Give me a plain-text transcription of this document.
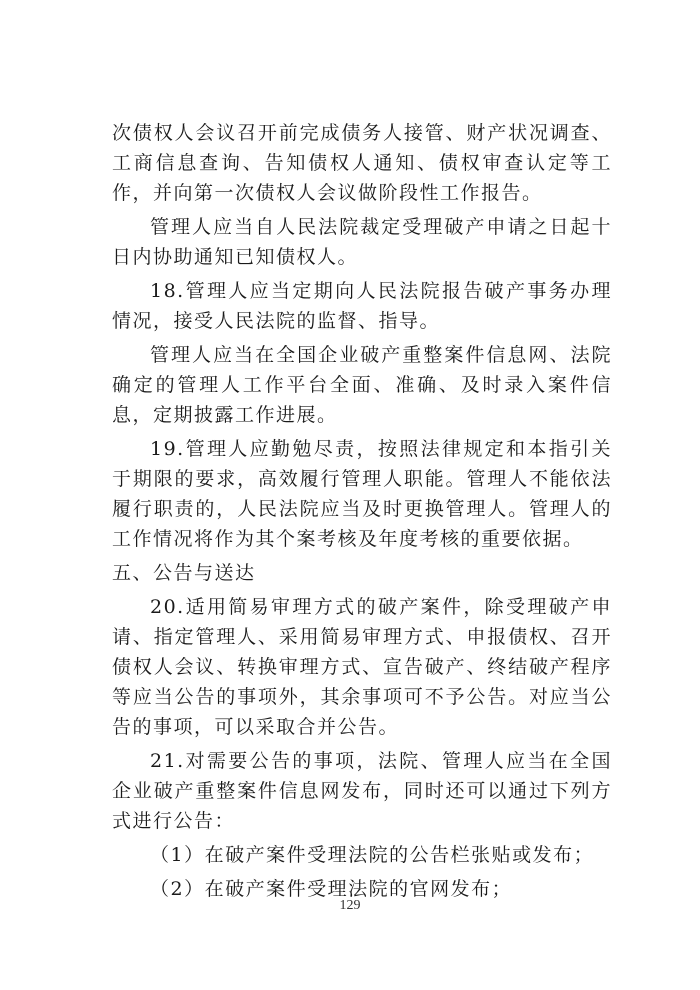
次债权人会议召开前完成债务人接管、财产状况调查、工商信息查询、告知债权人通知、债权审查认定等工作，并向第一次债权人会议做阶段性工作报告。

管理人应当自人民法院裁定受理破产申请之日起十日内协助通知已知债权人。

18.管理人应当定期向人民法院报告破产事务办理情况，接受人民法院的监督、指导。

管理人应当在全国企业破产重整案件信息网、法院确定的管理人工作平台全面、准确、及时录入案件信息，定期披露工作进展。

19.管理人应勤勉尽责，按照法律规定和本指引关于期限的要求，高效履行管理人职能。管理人不能依法履行职责的，人民法院应当及时更换管理人。管理人的工作情况将作为其个案考核及年度考核的重要依据。

五、公告与送达

20.适用简易审理方式的破产案件，除受理破产申请、指定管理人、采用简易审理方式、申报债权、召开债权人会议、转换审理方式、宣告破产、终结破产程序等应当公告的事项外，其余事项可不予公告。对应当公告的事项，可以采取合并公告。

21.对需要公告的事项，法院、管理人应当在全国企业破产重整案件信息网发布，同时还可以通过下列方式进行公告：

（1）在破产案件受理法院的公告栏张贴或发布；
（2）在破产案件受理法院的官网发布；
129
